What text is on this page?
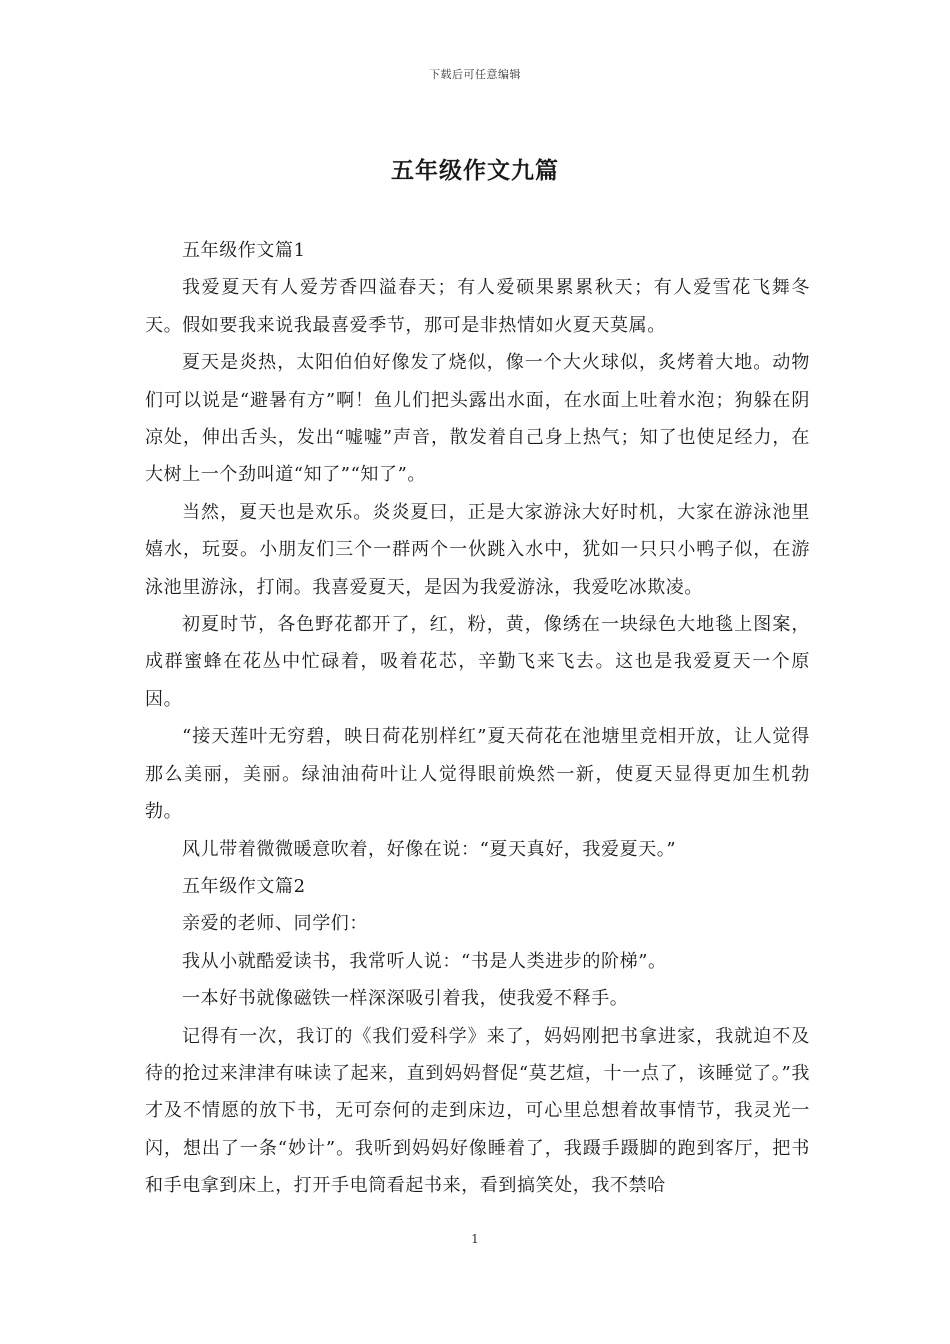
下载后可任意编辑
五年级作文九篇

五年级作文篇1

我爱夏天有人爱芳香四溢春天；有人爱硕果累累秋天；有人爱雪花飞舞冬天。假如要我来说我最喜爱季节，那可是非热情如火夏天莫属。

夏天是炎热，太阳伯伯好像发了烧似，像一个大火球似，炙烤着大地。动物们可以说是“避暑有方”啊！鱼儿们把头露出水面，在水面上吐着水泡；狗躲在阴凉处，伸出舌头，发出“嘘嘘”声音，散发着自己身上热气；知了也使足经力，在大树上一个劲叫道“知了”“知了”。

当然，夏天也是欢乐。炎炎夏曰，正是大家游泳大好时机，大家在游泳池里嬉水，玩耍。小朋友们三个一群两个一伙跳入水中，犹如一只只小鸭子似，在游泳池里游泳，打闹。我喜爱夏天，是因为我爱游泳，我爱吃冰欺凌。

初夏时节，各色野花都开了，红，粉，黄，像绣在一块绿色大地毯上图案，成群蜜蜂在花丛中忙碌着，吸着花芯，辛勤飞来飞去。这也是我爱夏天一个原因。

“接天莲叶无穷碧，映日荷花别样红”夏天荷花在池塘里竞相开放，让人觉得那么美丽，美丽。绿油油荷叶让人觉得眼前焕然一新，使夏天显得更加生机勃勃。

风儿带着微微暖意吹着，好像在说：“夏天真好，我爱夏天。”

五年级作文篇2

亲爱的老师、同学们：

我从小就酷爱读书，我常听人说：“书是人类进步的阶梯”。

一本好书就像磁铁一样深深吸引着我，使我爱不释手。

记得有一次，我订的《我们爱科学》来了，妈妈刚把书拿进家，我就迫不及待的抢过来津津有味读了起来，直到妈妈督促“莫艺煊，十一点了，该睡觉了。”我才及不情愿的放下书，无可奈何的走到床边，可心里总想着故事情节，我灵光一闪，想出了一条“妙计”。我听到妈妈好像睡着了，我蹑手蹑脚的跑到客厅，把书和手电拿到床上，打开手电筒看起书来，看到搞笑处，我不禁哈

1
